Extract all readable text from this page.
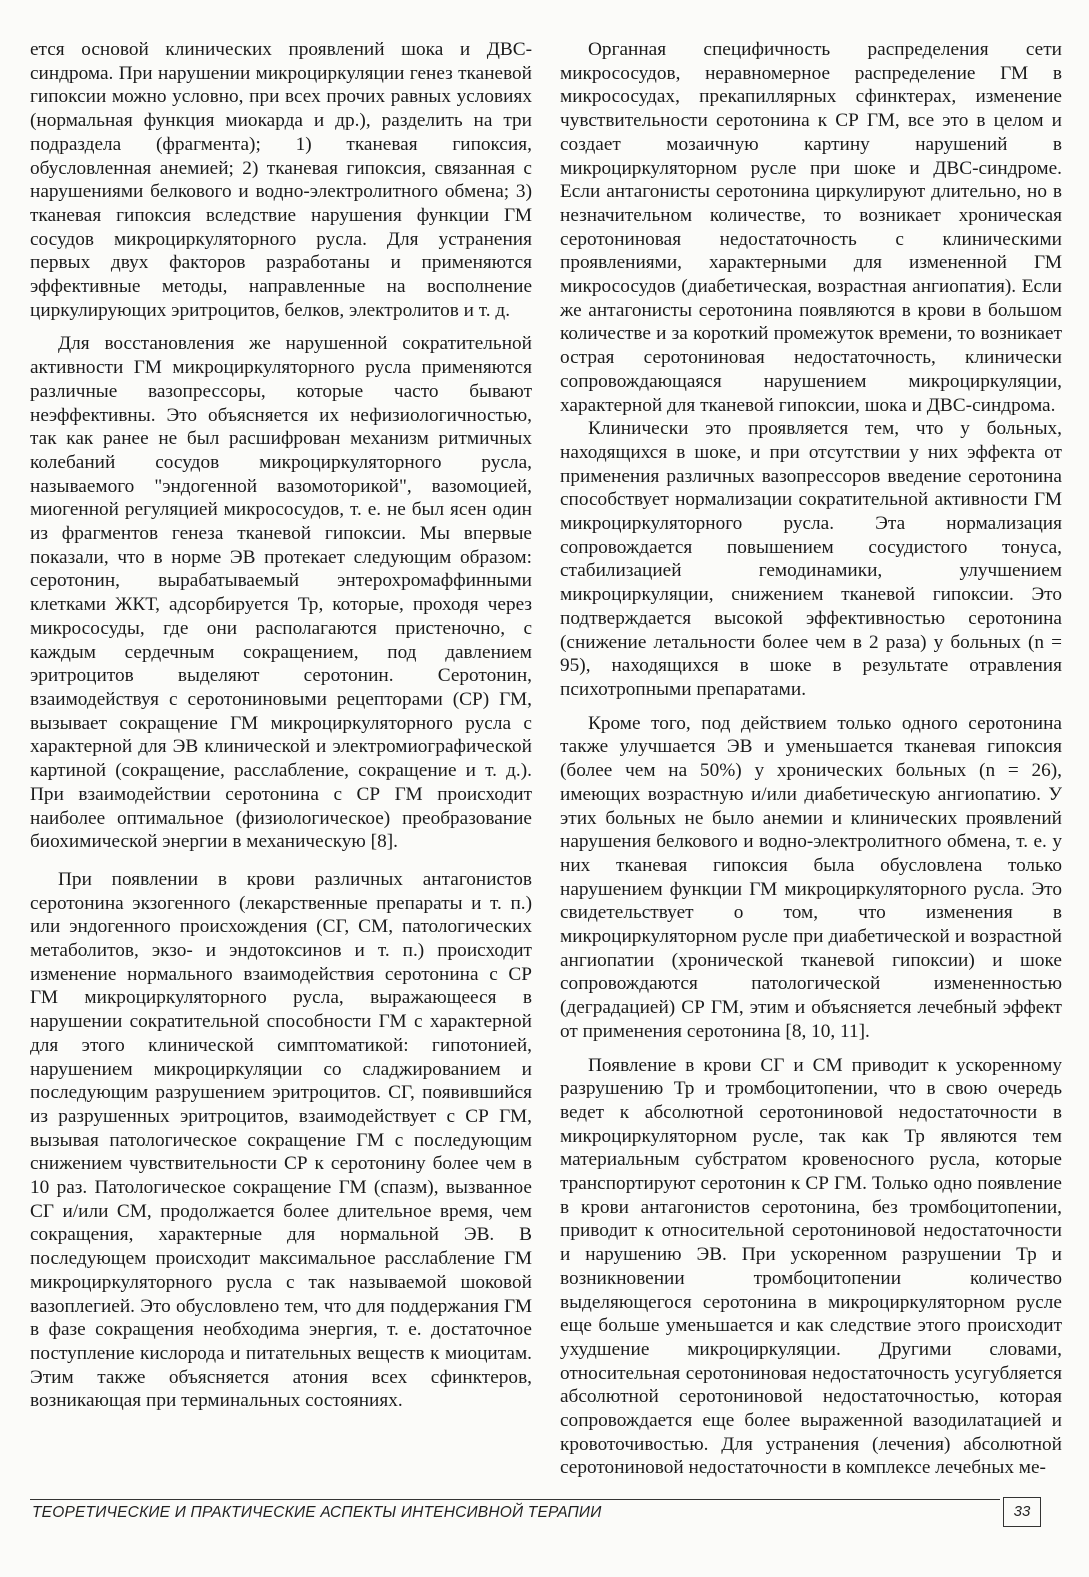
ется основой клинических проявлений шока и ДВС-синдрома. При нарушении микроциркуляции генез тканевой гипоксии можно условно, при всех прочих равных условиях (нормальная функция миокарда и др.), разделить на три подраздела (фрагмента); 1) тканевая гипоксия, обусловленная анемией; 2) тканевая гипоксия, связанная с нарушениями белкового и водно-электролитного обмена; 3) тканевая гипоксия вследствие нарушения функции ГМ сосудов микроциркуляторного русла. Для устранения первых двух факторов разработаны и применяются эффективные методы, направленные на восполнение циркулирующих эритроцитов, белков, электролитов и т. д.

Для восстановления же нарушенной сократительной активности ГМ микроциркуляторного русла применяются различные вазопрессоры, которые часто бывают неэффективны. Это объясняется их нефизиологичностью, так как ранее не был расшифрован механизм ритмичных колебаний сосудов микроциркуляторного русла, называемого "эндогенной вазомоторикой", вазомоцией, миогенной регуляцией микрососудов, т. е. не был ясен один из фрагментов генеза тканевой гипоксии. Мы впервые показали, что в норме ЭВ протекает следующим образом: серотонин, вырабатываемый энтерохромаффинными клетками ЖКТ, адсорбируется Тр, которые, проходя через микрососуды, где они располагаются пристеночно, с каждым сердечным сокращением, под давлением эритроцитов выделяют серотонин. Серотонин, взаимодействуя с серотониновыми рецепторами (СР) ГМ, вызывает сокращение ГМ микроциркуляторного русла с характерной для ЭВ клинической и электромиографической картиной (сокращение, расслабление, сокращение и т. д.). При взаимодействии серотонина с СР ГМ происходит наиболее оптимальное (физиологическое) преобразование биохимической энергии в механическую [8].

При появлении в крови различных антагонистов серотонина экзогенного (лекарственные препараты и т. п.) или эндогенного происхождения (СГ, СМ, патологических метаболитов, экзо- и эндотоксинов и т. п.) происходит изменение нормального взаимодействия серотонина с СР ГМ микроциркуляторного русла, выражающееся в нарушении сократительной способности ГМ с характерной для этого клинической симптоматикой: гипотонией, нарушением микроциркуляции со сладжированием и последующим разрушением эритроцитов. СГ, появившийся из разрушенных эритроцитов, взаимодействует с СР ГМ, вызывая патологическое сокращение ГМ с последующим снижением чувствительности СР к серотонину более чем в 10 раз. Патологическое сокращение ГМ (спазм), вызванное СГ и/или СМ, продолжается более длительное время, чем сокращения, характерные для нормальной ЭВ. В последующем происходит максимальное расслабление ГМ микроциркуляторного русла с так называемой шоковой вазоплегией. Это обусловлено тем, что для поддержания ГМ в фазе сокращения необходима энергия, т. е. достаточное поступление кислорода и питательных веществ к миоцитам. Этим также объясняется атония всех сфинктеров, возникающая при терминальных состояниях.

Органная специфичность распределения сети микрососудов, неравномерное распределение ГМ в микрососудах, прекапиллярных сфинктерах, изменение чувствительности серотонина к СР ГМ, все это в целом и создает мозаичную картину нарушений в микроциркуляторном русле при шоке и ДВС-синдроме. Если антагонисты серотонина циркулируют длительно, но в незначительном количестве, то возникает хроническая серотониновая недостаточность с клиническими проявлениями, характерными для измененной ГМ микрососудов (диабетическая, возрастная ангиопатия). Если же антагонисты серотонина появляются в крови в большом количестве и за короткий промежуток времени, то возникает острая серотониновая недостаточность, клинически сопровождающаяся нарушением микроциркуляции, характерной для тканевой гипоксии, шока и ДВС-синдрома.

Клинически это проявляется тем, что у больных, находящихся в шоке, и при отсутствии у них эффекта от применения различных вазопрессоров введение серотонина способствует нормализации сократительной активности ГМ микроциркуляторного русла. Эта нормализация сопровождается повышением сосудистого тонуса, стабилизацией гемодинамики, улучшением микроциркуляции, снижением тканевой гипоксии. Это подтверждается высокой эффективностью серотонина (снижение летальности более чем в 2 раза) у больных (n = 95), находящихся в шоке в результате отравления психотропными препаратами.

Кроме того, под действием только одного серотонина также улучшается ЭВ и уменьшается тканевая гипоксия (более чем на 50%) у хронических больных (n = 26), имеющих возрастную и/или диабетическую ангиопатию. У этих больных не было анемии и клинических проявлений нарушения белкового и водно-электролитного обмена, т. е. у них тканевая гипоксия была обусловлена только нарушением функции ГМ микроциркуляторного русла. Это свидетельствует о том, что изменения в микроциркуляторном русле при диабетической и возрастной ангиопатии (хронической тканевой гипоксии) и шоке сопровождаются патологической измененностью (деградацией) СР ГМ, этим и объясняется лечебный эффект от применения серотонина [8, 10, 11].

Появление в крови СГ и СМ приводит к ускоренному разрушению Тр и тромбоцитопении, что в свою очередь ведет к абсолютной серотониновой недостаточности в микроциркуляторном русле, так как Тр являются тем материальным субстратом кровеносного русла, которые транспортируют серотонин к СР ГМ. Только одно появление в крови антагонистов серотонина, без тромбоцитопении, приводит к относительной серотониновой недостаточности и нарушению ЭВ. При ускоренном разрушении Тр и возникновении тромбоцитопении количество выделяющегося серотонина в микроциркуляторном русле еще больше уменьшается и как следствие этого происходит ухудшение микроциркуляции. Другими словами, относительная серотониновая недостаточность усугубляется абсолютной серотониновой недостаточностью, которая сопровождается еще более выраженной вазодилатацией и кровоточивостью. Для устранения (лечения) абсолютной серотониновой недостаточности в комплексе лечебных ме-

ТЕОРЕТИЧЕСКИЕ И ПРАКТИЧЕСКИЕ АСПЕКТЫ ИНТЕНСИВНОЙ ТЕРАПИИ	33
